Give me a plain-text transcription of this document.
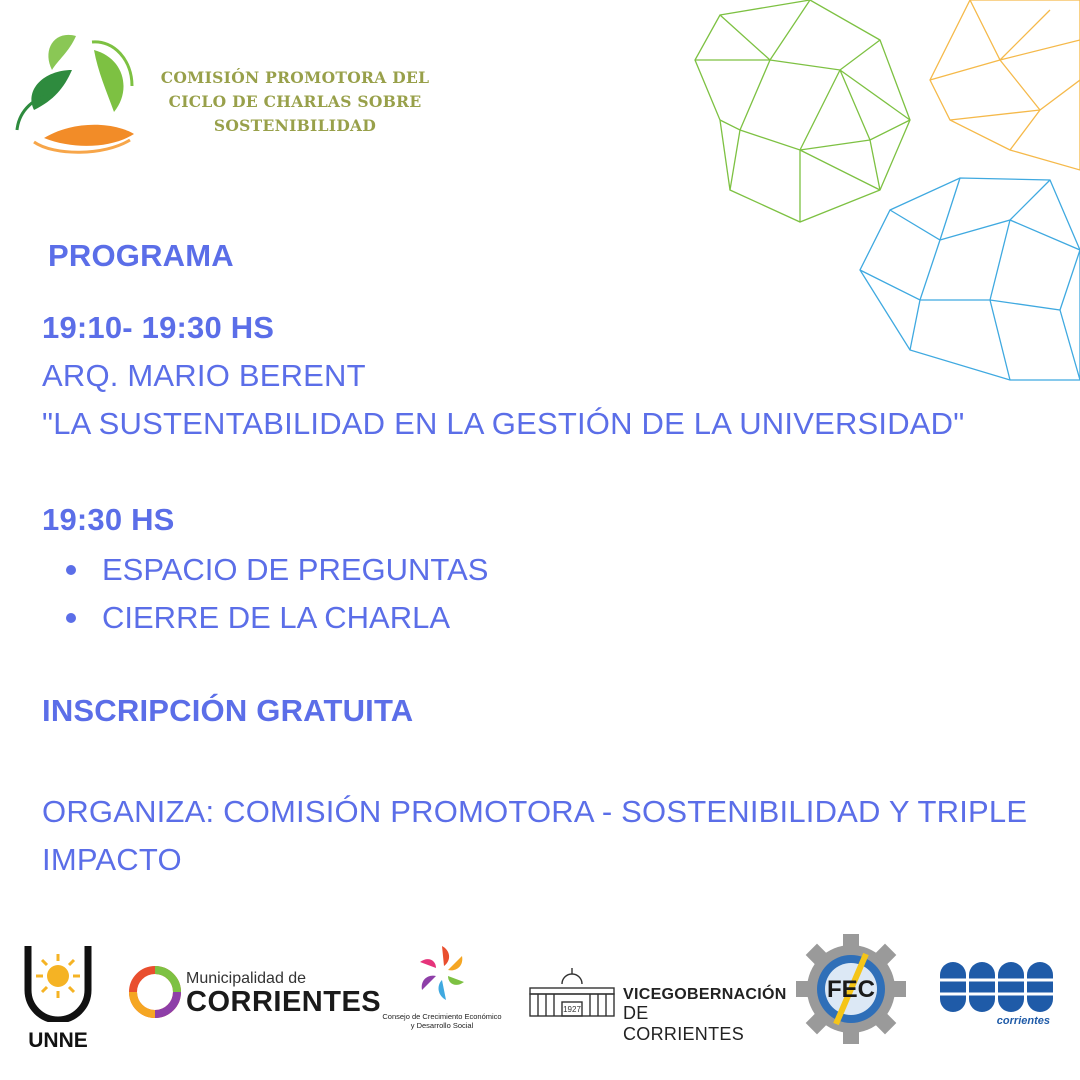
COMISIÓN PROMOTORA DEL
CICLO DE CHARLAS SOBRE
SOSTENIBILIDAD
PROGRAMA
19:10- 19:30 HS
ARQ. MARIO BERENT
"LA SUSTENTABILIDAD EN LA GESTIÓN DE LA UNIVERSIDAD"
19:30 HS
ESPACIO DE PREGUNTAS
CIERRE DE LA CHARLA
INSCRIPCIÓN GRATUITA
ORGANIZA: COMISIÓN PROMOTORA - SOSTENIBILIDAD Y TRIPLE IMPACTO
UNNE
Municipalidad de
CORRIENTES Consejo de Crecimiento Económico
y Desarrollo Social
1927
VICEGOBERNACIÓN
DE CORRIENTES
FEC
corrientes
